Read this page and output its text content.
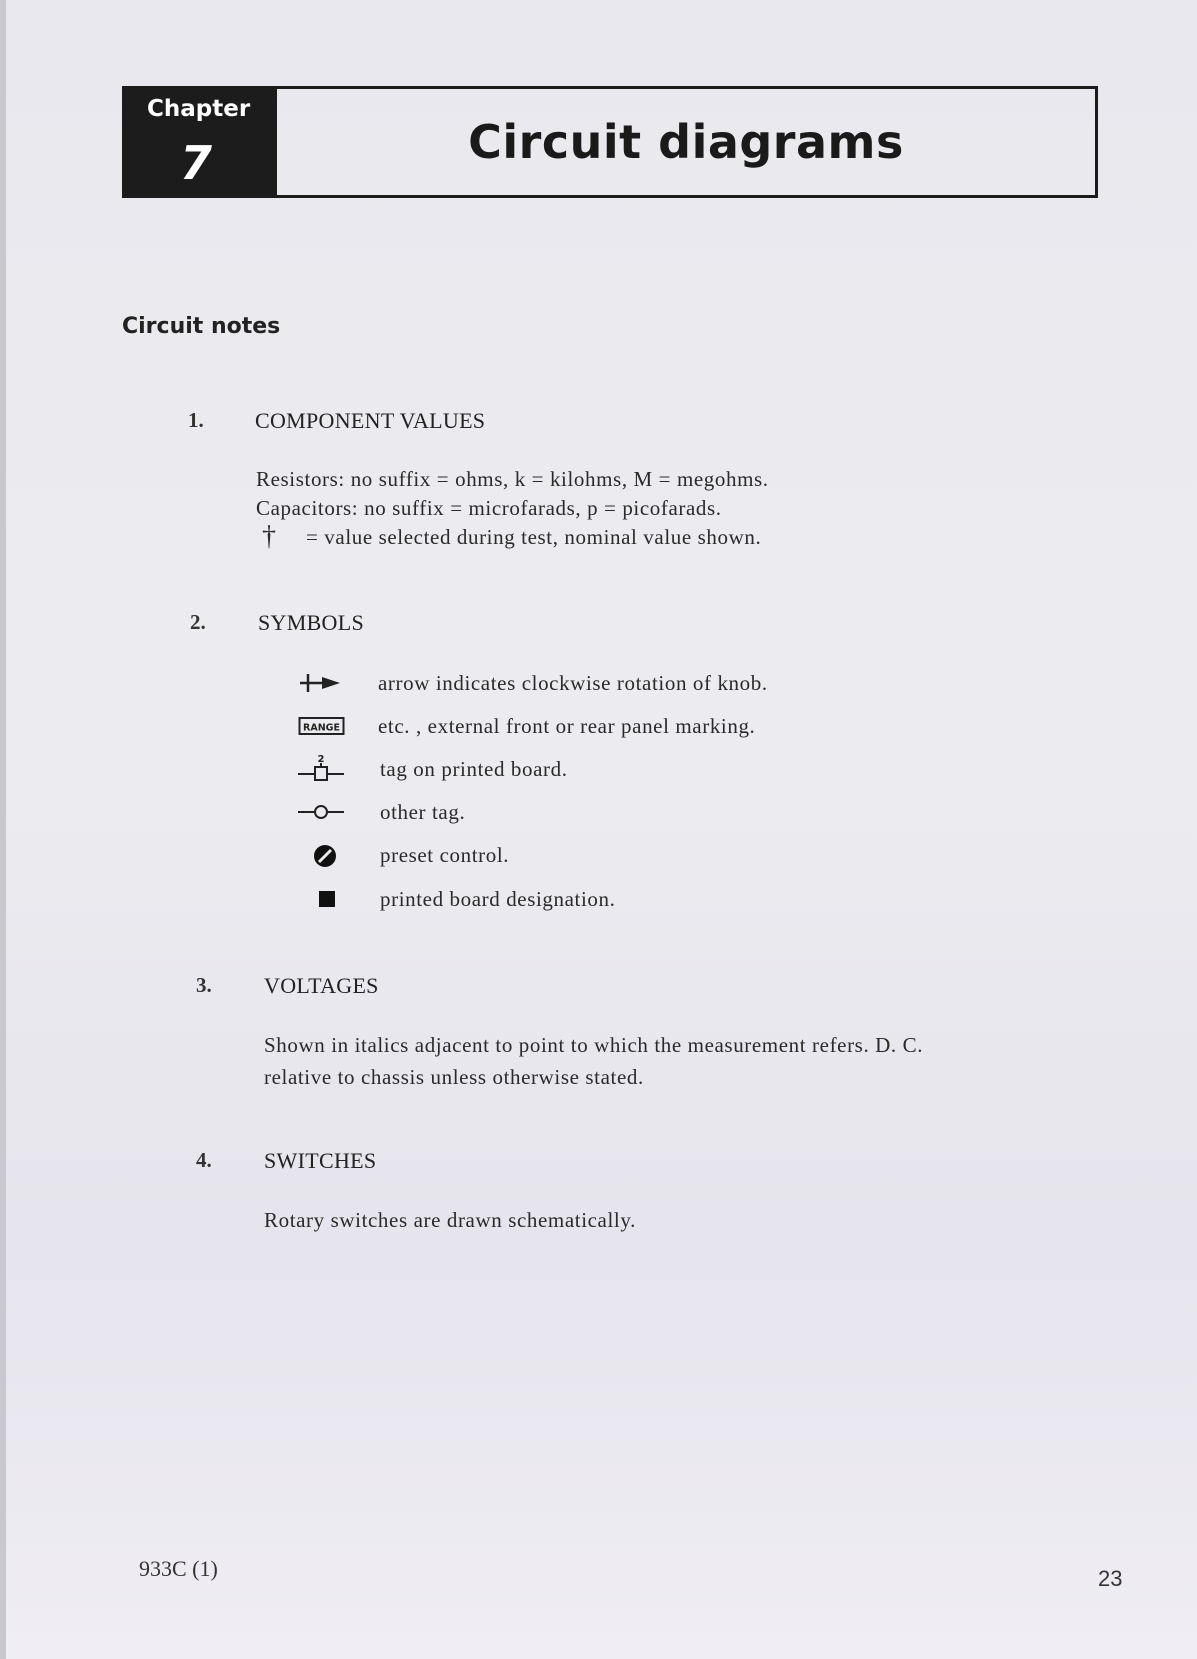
Chapter
7	Circuit diagrams
Circuit notes
1. COMPONENT VALUES
Resistors: no suffix = ohms, k = kilohms, M = megohms.
Capacitors: no suffix = microfarads, p = picofarads.
† = value selected during test, nominal value shown.
2. SYMBOLS
arrow indicates clockwise rotation of knob.
RANGE etc. , external front or rear panel marking.
2	tag on printed board.
other tag.
preset control.
printed board designation.
3. VOLTAGES
Shown in italics adjacent to point to which the measurement refers. D. C.
relative to chassis unless otherwise stated.
4. SWITCHES
Rotary switches are drawn schematically.
933C (1)	23
